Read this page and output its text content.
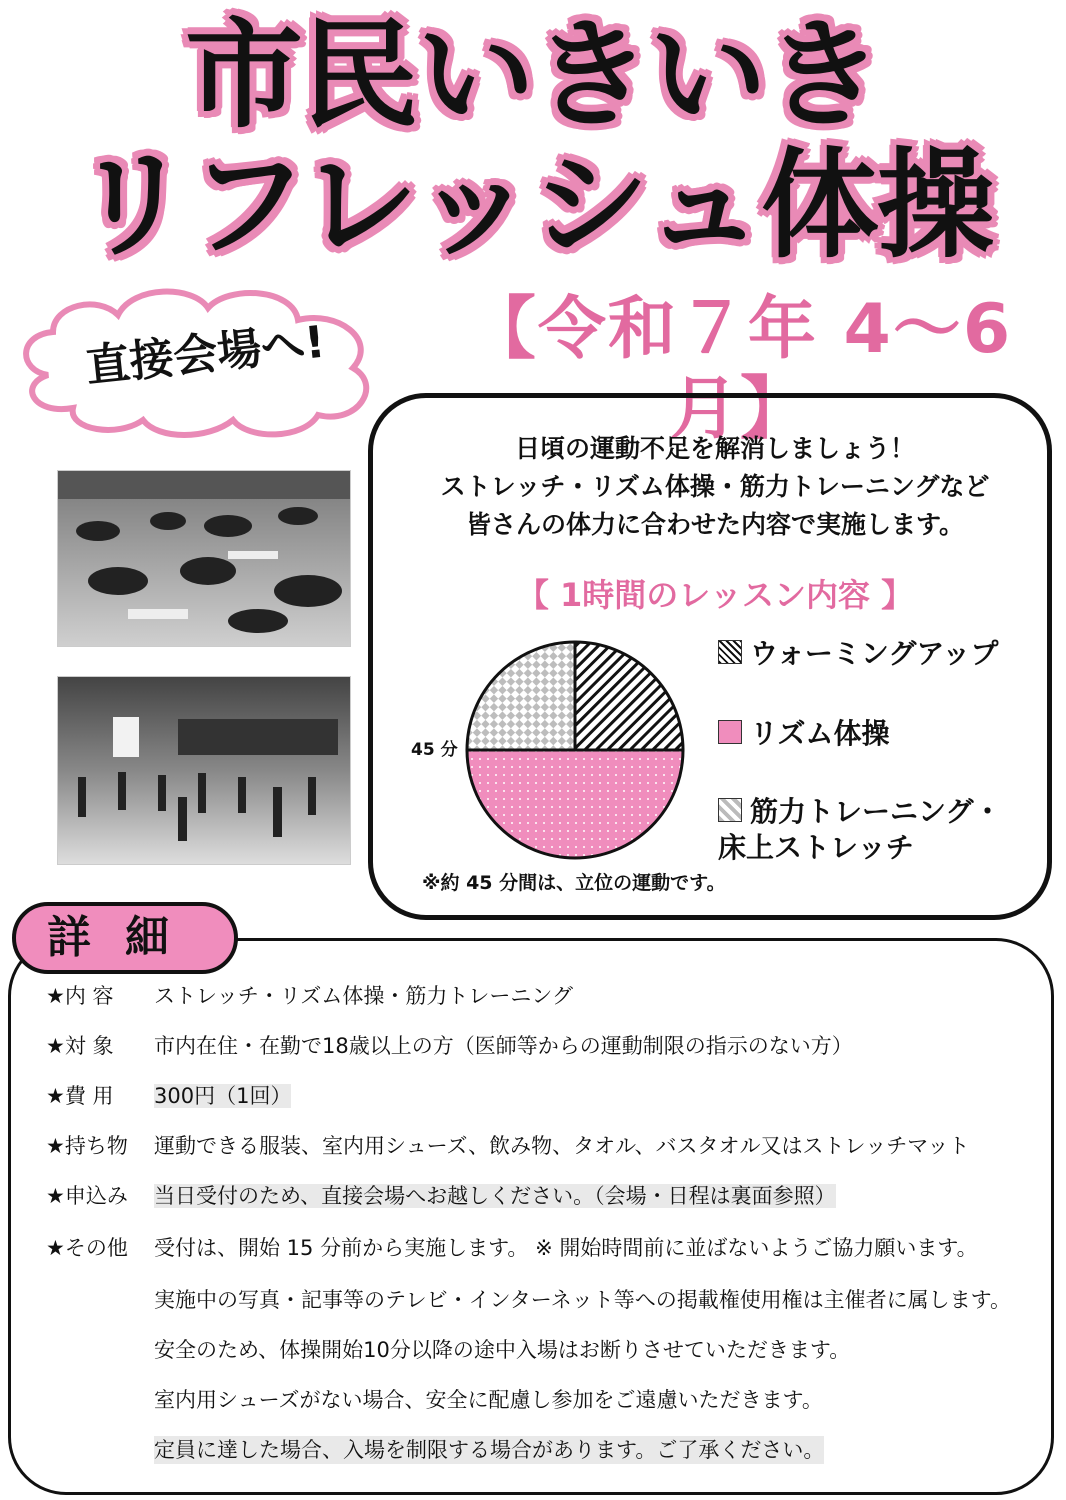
市民いきいき
リフレッシュ体操
【令和７年 4～6月】
直接会場へ!
日頃の運動不足を解消しましょう！
ストレッチ・リズム体操・筋力トレーニングなど
皆さんの体力に合わせた内容で実施します。
【 1時間のレッスン内容 】
45 分
ウォーミングアップ
リズム体操
筋力トレーニング・
床上ストレッチ
※約 45 分間は、立位の運動です。
詳細
★内 容 ストレッチ・リズム体操・筋力トレーニング
★対 象 市内在住・在勤で18歳以上の方（医師等からの運動制限の指示のない方）
★費 用 300円（1回）
★持ち物 運動できる服装、室内用シューズ、飲み物、タオル、バスタオル又はストレッチマット
★申込み 当日受付のため、直接会場へお越しください。（会場・日程は裏面参照）
★その他 受付は、開始 15 分前から実施します。 ※ 開始時間前に並ばないようご協力願います。
実施中の写真・記事等のテレビ・インターネット等への掲載権使用権は主催者に属します。
安全のため、体操開始10分以降の途中入場はお断りさせていただきます。
室内用シューズがない場合、安全に配慮し参加をご遠慮いただきます。
定員に達した場合、入場を制限する場合があります。ご了承ください。
